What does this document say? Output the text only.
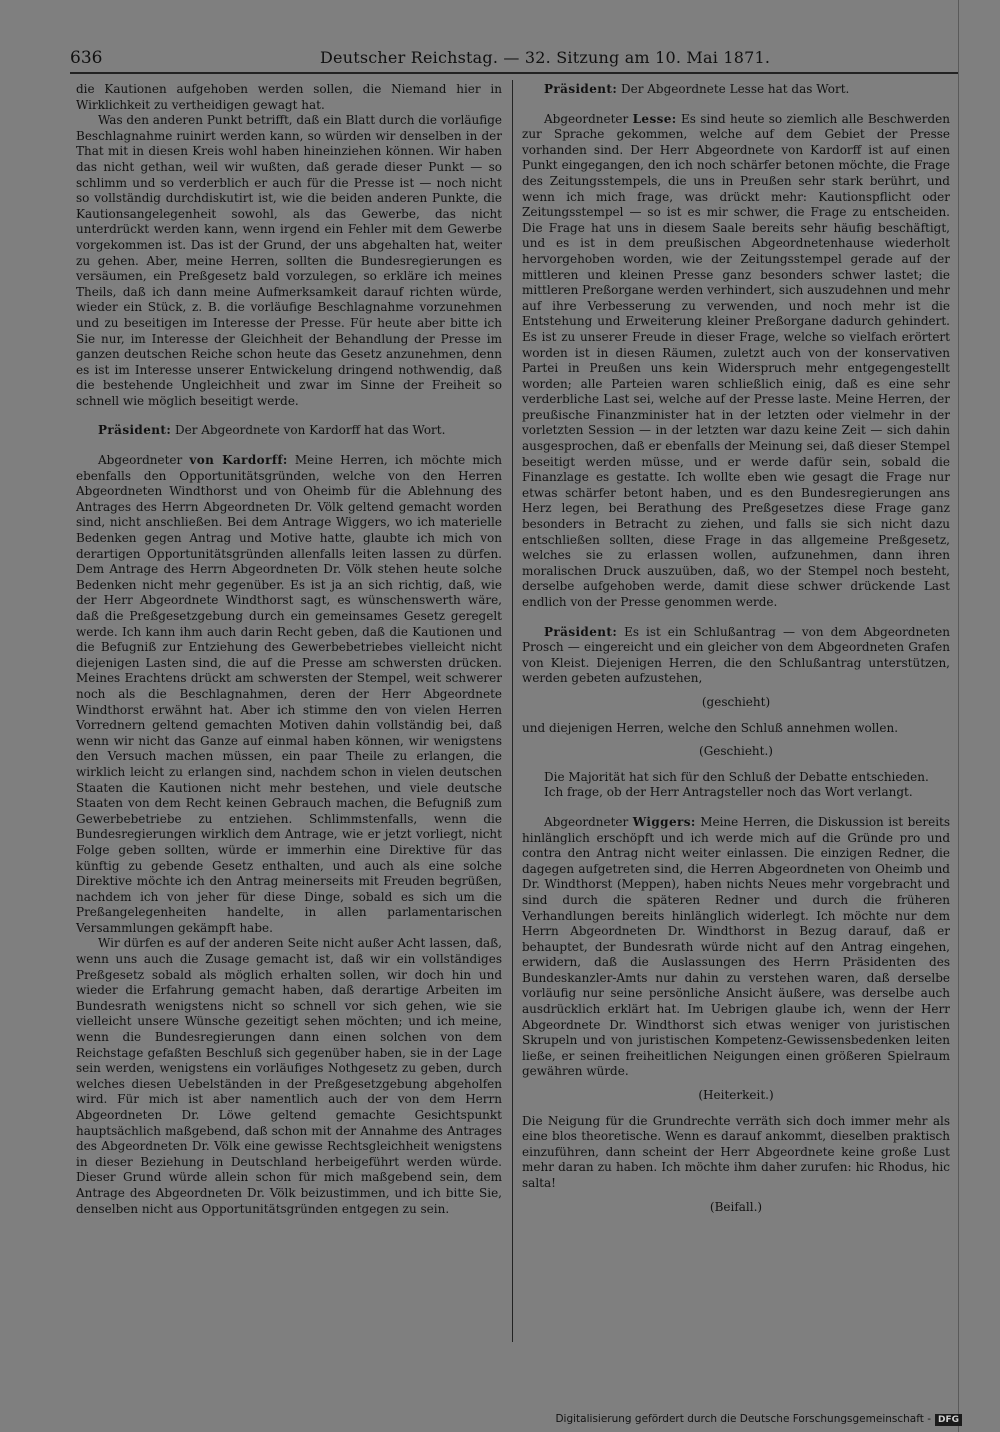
636	Deutscher Reichstag. — 32. Sitzung am 10. Mai 1871.

die Kautionen aufgehoben werden sollen, die Niemand hier in Wirklichkeit zu vertheidigen gewagt hat.

Was den anderen Punkt betrifft, daß ein Blatt durch die vorläufige Beschlagnahme ruinirt werden kann, so würden wir denselben in der That mit in diesen Kreis wohl haben hineinziehen können. Wir haben das nicht gethan, weil wir wußten, daß gerade dieser Punkt — so schlimm und so verderblich er auch für die Presse ist — noch nicht so vollständig durchdiskutirt ist, wie die beiden anderen Punkte, die Kautionsangelegenheit sowohl, als das Gewerbe, das nicht unterdrückt werden kann, wenn irgend ein Fehler mit dem Gewerbe vorgekommen ist. Das ist der Grund, der uns abgehalten hat, weiter zu gehen. Aber, meine Herren, sollten die Bundesregierungen es versäumen, ein Preßgesetz bald vorzulegen, so erkläre ich meines Theils, daß ich dann meine Aufmerksamkeit darauf richten würde, wieder ein Stück, z. B. die vorläufige Beschlagnahme vorzunehmen und zu beseitigen im Interesse der Presse. Für heute aber bitte ich Sie nur, im Interesse der Gleichheit der Behandlung der Presse im ganzen deutschen Reiche schon heute das Gesetz anzunehmen, denn es ist im Interesse unserer Entwickelung dringend nothwendig, daß die bestehende Ungleichheit und zwar im Sinne der Freiheit so schnell wie möglich beseitigt werde.

Präsident: Der Abgeordnete von Kardorff hat das Wort.

Abgeordneter von Kardorff: Meine Herren, ich möchte mich ebenfalls den Opportunitätsgründen, welche von den Herren Abgeordneten Windthorst und von Oheimb für die Ablehnung des Antrages des Herrn Abgeordneten Dr. Völk geltend gemacht worden sind, nicht anschließen. Bei dem Antrage Wiggers, wo ich materielle Bedenken gegen Antrag und Motive hatte, glaubte ich mich von derartigen Opportunitätsgründen allenfalls leiten lassen zu dürfen. Dem Antrage des Herrn Abgeordneten Dr. Völk stehen heute solche Bedenken nicht mehr gegenüber. Es ist ja an sich richtig, daß, wie der Herr Abgeordnete Windthorst sagt, es wünschenswerth wäre, daß die Preßgesetzgebung durch ein gemeinsames Gesetz geregelt werde. Ich kann ihm auch darin Recht geben, daß die Kautionen und die Befugniß zur Entziehung des Gewerbebetriebes vielleicht nicht diejenigen Lasten sind, die auf die Presse am schwersten drücken. Meines Erachtens drückt am schwersten der Stempel, weit schwerer noch als die Beschlagnahmen, deren der Herr Abgeordnete Windthorst erwähnt hat. Aber ich stimme den von vielen Herren Vorrednern geltend gemachten Motiven dahin vollständig bei, daß wenn wir nicht das Ganze auf einmal haben können, wir wenigstens den Versuch machen müssen, ein paar Theile zu erlangen, die wirklich leicht zu erlangen sind, nachdem schon in vielen deutschen Staaten die Kautionen nicht mehr bestehen, und viele deutsche Staaten von dem Recht keinen Gebrauch machen, die Befugniß zum Gewerbebetriebe zu entziehen. Schlimmstenfalls, wenn die Bundesregierungen wirklich dem Antrage, wie er jetzt vorliegt, nicht Folge geben sollten, würde er immerhin eine Direktive für das künftig zu gebende Gesetz enthalten, und auch als eine solche Direktive möchte ich den Antrag meinerseits mit Freuden begrüßen, nachdem ich von jeher für diese Dinge, sobald es sich um die Preßangelegenheiten handelte, in allen parlamentarischen Versammlungen gekämpft habe.

Wir dürfen es auf der anderen Seite nicht außer Acht lassen, daß, wenn uns auch die Zusage gemacht ist, daß wir ein vollständiges Preßgesetz sobald als möglich erhalten sollen, wir doch hin und wieder die Erfahrung gemacht haben, daß derartige Arbeiten im Bundesrath wenigstens nicht so schnell vor sich gehen, wie sie vielleicht unsere Wünsche gezeitigt sehen möchten; und ich meine, wenn die Bundesregierungen dann einen solchen von dem Reichstage gefaßten Beschluß sich gegenüber haben, sie in der Lage sein werden, wenigstens ein vorläufiges Nothgesetz zu geben, durch welches diesen Uebelständen in der Preßgesetzgebung abgeholfen wird. Für mich ist aber namentlich auch der von dem Herrn Abgeordneten Dr. Löwe geltend gemachte Gesichtspunkt hauptsächlich maßgebend, daß schon mit der Annahme des Antrages des Abgeordneten Dr. Völk eine gewisse Rechtsgleichheit wenigstens in dieser Beziehung in Deutschland herbeigeführt werden würde. Dieser Grund würde allein schon für mich maßgebend sein, dem Antrage des Abgeordneten Dr. Völk beizustimmen, und ich bitte Sie, denselben nicht aus Opportunitätsgründen entgegen zu sein.

Präsident: Der Abgeordnete Lesse hat das Wort.

Abgeordneter Lesse: Es sind heute so ziemlich alle Beschwerden zur Sprache gekommen, welche auf dem Gebiet der Presse vorhanden sind. Der Herr Abgeordnete von Kardorff ist auf einen Punkt eingegangen, den ich noch schärfer betonen möchte, die Frage des Zeitungsstempels, die uns in Preußen sehr stark berührt, und wenn ich mich frage, was drückt mehr: Kautionspflicht oder Zeitungsstempel — so ist es mir schwer, die Frage zu entscheiden. Die Frage hat uns in diesem Saale bereits sehr häufig beschäftigt, und es ist in dem preußischen Abgeordnetenhause wiederholt hervorgehoben worden, wie der Zeitungsstempel gerade auf der mittleren und kleinen Presse ganz besonders schwer lastet; die mittleren Preßorgane werden verhindert, sich auszudehnen und mehr auf ihre Verbesserung zu verwenden, und noch mehr ist die Entstehung und Erweiterung kleiner Preßorgane dadurch gehindert. Es ist zu unserer Freude in dieser Frage, welche so vielfach erörtert worden ist in diesen Räumen, zuletzt auch von der konservativen Partei in Preußen uns kein Widerspruch mehr entgegengestellt worden; alle Parteien waren schließlich einig, daß es eine sehr verderbliche Last sei, welche auf der Presse laste. Meine Herren, der preußische Finanzminister hat in der letzten oder vielmehr in der vorletzten Session — in der letzten war dazu keine Zeit — sich dahin ausgesprochen, daß er ebenfalls der Meinung sei, daß dieser Stempel beseitigt werden müsse, und er werde dafür sein, sobald die Finanzlage es gestatte. Ich wollte eben wie gesagt die Frage nur etwas schärfer betont haben, und es den Bundesregierungen ans Herz legen, bei Berathung des Preßgesetzes diese Frage ganz besonders in Betracht zu ziehen, und falls sie sich nicht dazu entschließen sollten, diese Frage in das allgemeine Preßgesetz, welches sie zu erlassen wollen, aufzunehmen, dann ihren moralischen Druck auszuüben, daß, wo der Stempel noch besteht, derselbe aufgehoben werde, damit diese schwer drückende Last endlich von der Presse genommen werde.

Präsident: Es ist ein Schlußantrag — von dem Abgeordneten Prosch — eingereicht und ein gleicher von dem Abgeordneten Grafen von Kleist. Diejenigen Herren, die den Schlußantrag unterstützen, werden gebeten aufzustehen,

(geschieht)

und diejenigen Herren, welche den Schluß annehmen wollen.

(Geschieht.)

Die Majorität hat sich für den Schluß der Debatte entschieden.

Ich frage, ob der Herr Antragsteller noch das Wort verlangt.

Abgeordneter Wiggers: Meine Herren, die Diskussion ist bereits hinlänglich erschöpft und ich werde mich auf die Gründe pro und contra den Antrag nicht weiter einlassen. Die einzigen Redner, die dagegen aufgetreten sind, die Herren Abgeordneten von Oheimb und Dr. Windthorst (Meppen), haben nichts Neues mehr vorgebracht und sind durch die späteren Redner und durch die früheren Verhandlungen bereits hinlänglich widerlegt. Ich möchte nur dem Herrn Abgeordneten Dr. Windthorst in Bezug darauf, daß er behauptet, der Bundesrath würde nicht auf den Antrag eingehen, erwidern, daß die Auslassungen des Herrn Präsidenten des Bundeskanzler-Amts nur dahin zu verstehen waren, daß derselbe vorläufig nur seine persönliche Ansicht äußere, was derselbe auch ausdrücklich erklärt hat. Im Uebrigen glaube ich, wenn der Herr Abgeordnete Dr. Windthorst sich etwas weniger von juristischen Skrupeln und von juristischen Kompetenz-Gewissensbedenken leiten ließe, er seinen freiheitlichen Neigungen einen größeren Spielraum gewähren würde.

(Heiterkeit.)

Die Neigung für die Grundrechte verräth sich doch immer mehr als eine blos theoretische. Wenn es darauf ankommt, dieselben praktisch einzuführen, dann scheint der Herr Abgeordnete keine große Lust mehr daran zu haben. Ich möchte ihm daher zurufen: hic Rhodus, hic salta!

(Beifall.)

Digitalisierung gefördert durch die Deutsche Forschungsgemeinschaft - DFG
